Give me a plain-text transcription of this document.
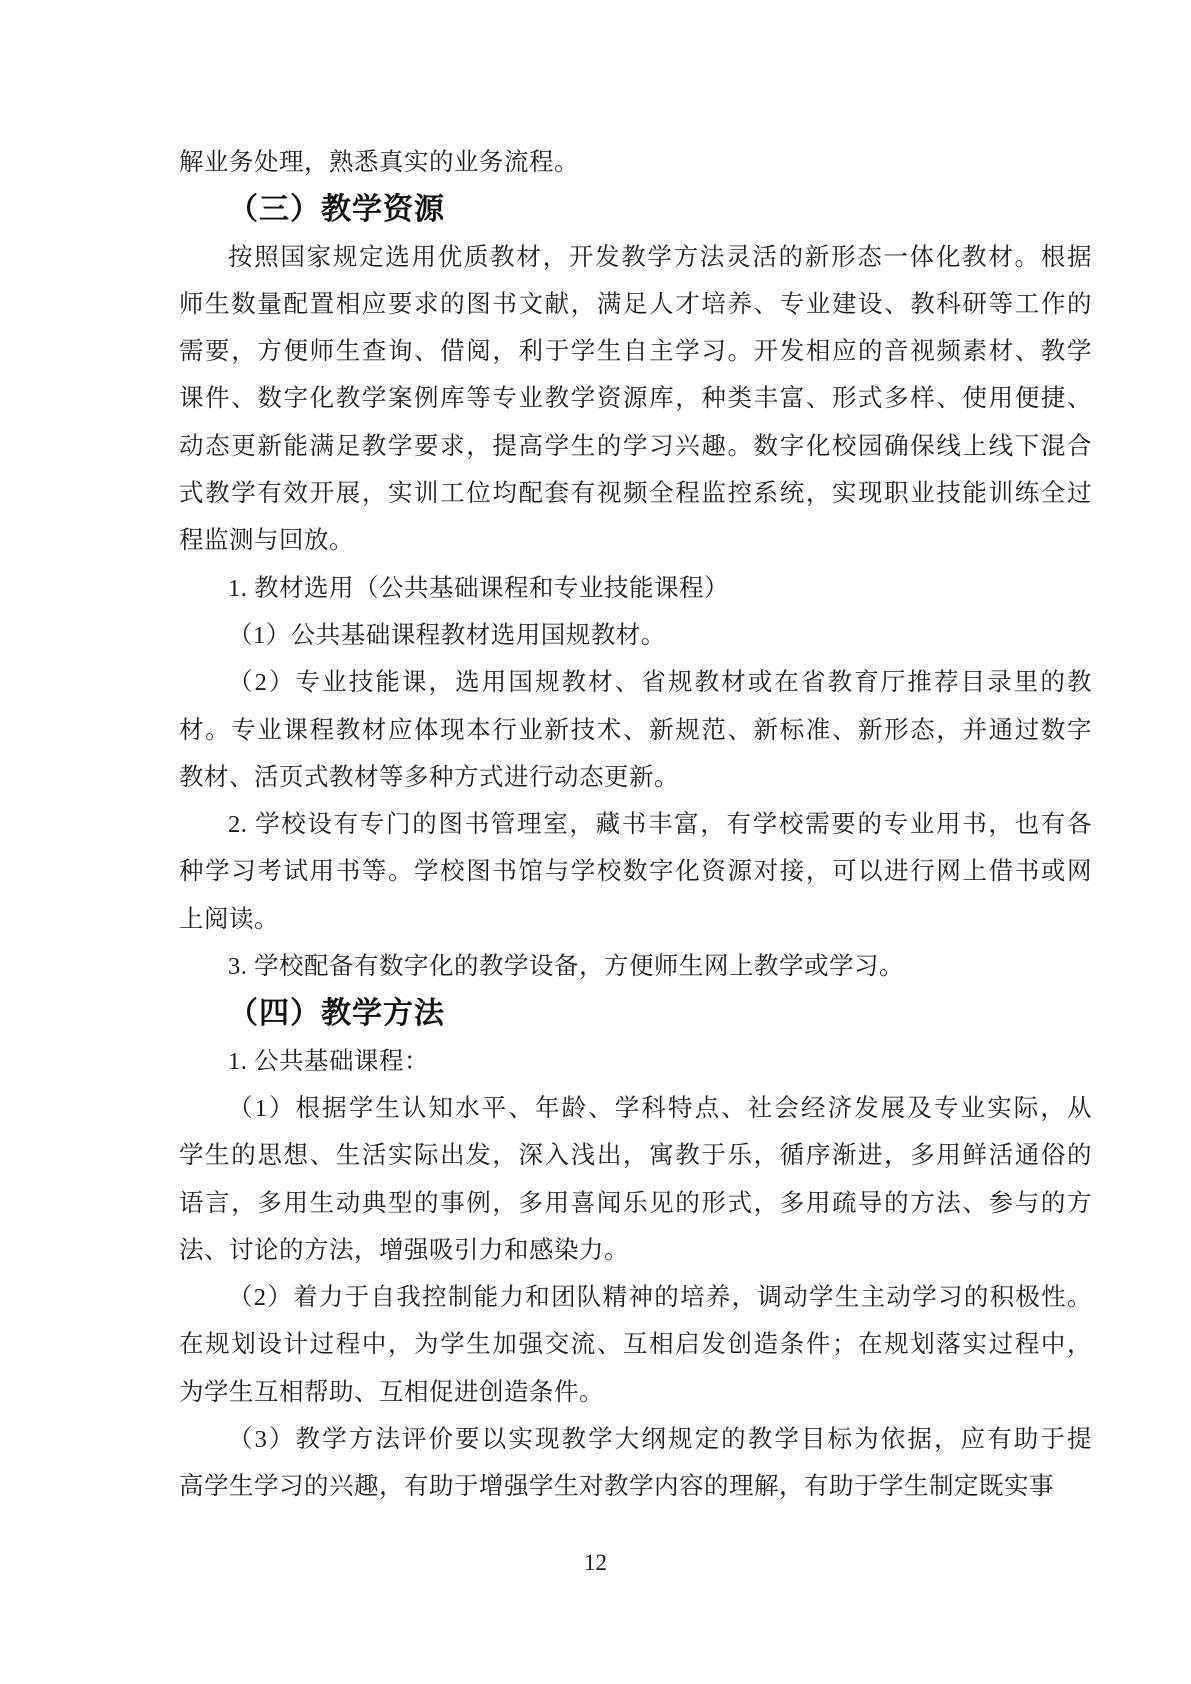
解业务处理，熟悉真实的业务流程。
（三）教学资源
按照国家规定选用优质教材，开发教学方法灵活的新形态一体化教材。根据
师生数量配置相应要求的图书文献，满足人才培养、专业建设、教科研等工作的
需要，方便师生查询、借阅，利于学生自主学习。开发相应的音视频素材、教学
课件、数字化教学案例库等专业教学资源库，种类丰富、形式多样、使用便捷、
动态更新能满足教学要求，提高学生的学习兴趣。数字化校园确保线上线下混合
式教学有效开展，实训工位均配套有视频全程监控系统，实现职业技能训练全过
程监测与回放。
1. 教材选用（公共基础课程和专业技能课程）
（1）公共基础课程教材选用国规教材。
（2）专业技能课，选用国规教材、省规教材或在省教育厅推荐目录里的教
材。专业课程教材应体现本行业新技术、新规范、新标准、新形态，并通过数字
教材、活页式教材等多种方式进行动态更新。
2. 学校设有专门的图书管理室，藏书丰富，有学校需要的专业用书，也有各
种学习考试用书等。学校图书馆与学校数字化资源对接，可以进行网上借书或网
上阅读。
3. 学校配备有数字化的教学设备，方便师生网上教学或学习。
（四）教学方法
1. 公共基础课程：
（1）根据学生认知水平、年龄、学科特点、社会经济发展及专业实际，从
学生的思想、生活实际出发，深入浅出，寓教于乐，循序渐进，多用鲜活通俗的
语言，多用生动典型的事例，多用喜闻乐见的形式，多用疏导的方法、参与的方
法、讨论的方法，增强吸引力和感染力。
（2）着力于自我控制能力和团队精神的培养，调动学生主动学习的积极性。
在规划设计过程中，为学生加强交流、互相启发创造条件；在规划落实过程中，
为学生互相帮助、互相促进创造条件。
（3）教学方法评价要以实现教学大纲规定的教学目标为依据，应有助于提
高学生学习的兴趣，有助于增强学生对教学内容的理解，有助于学生制定既实事
12
